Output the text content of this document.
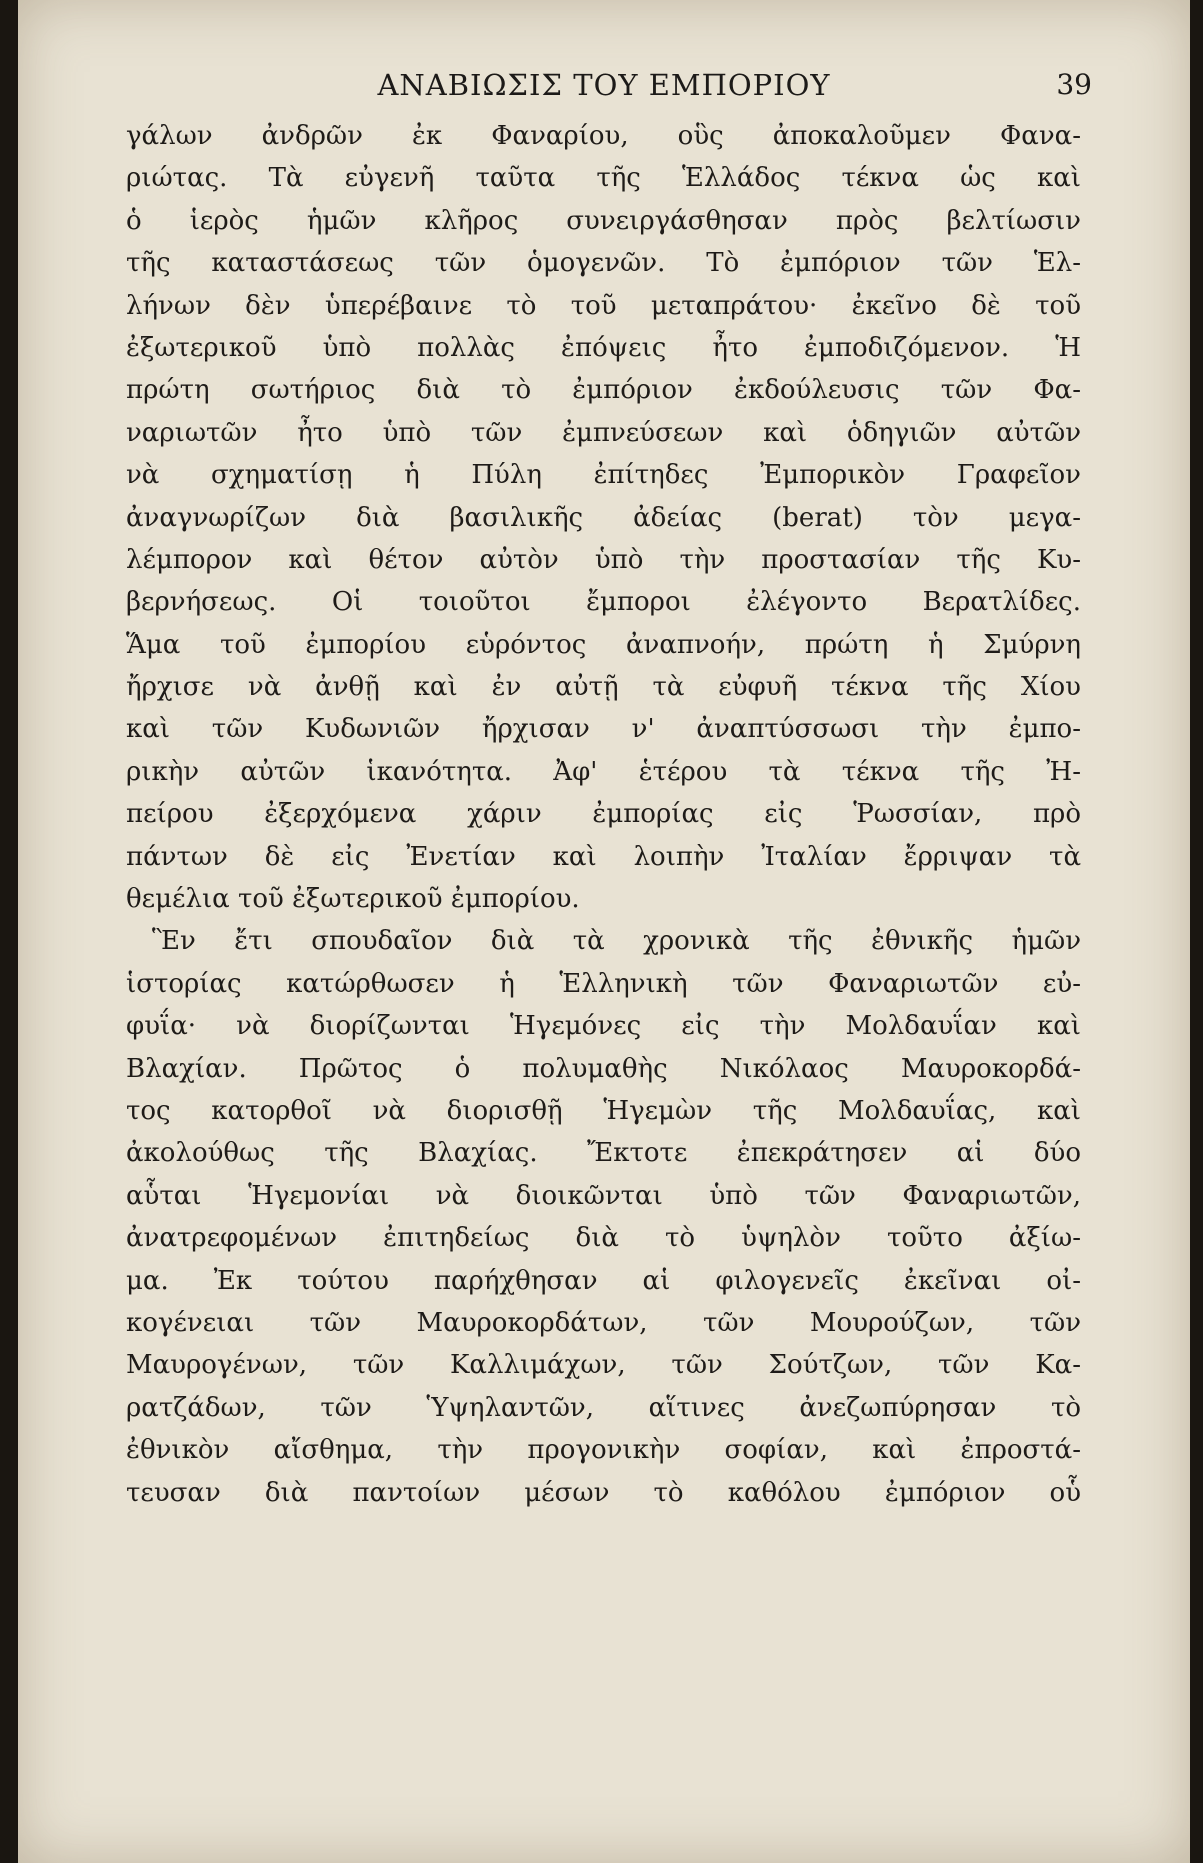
ΑΝΑΒΙΩΣΙΣ ΤΟΥ ΕΜΠΟΡΙΟΥ	39
γάλων ἀνδρῶν ἐκ Φαναρίου, οὓς ἀποκαλοῦμεν Φανα-
ριώτας. Τὰ εὐγενῆ ταῦτα τῆς Ἑλλάδος τέκνα ὡς καὶ
ὁ ἱερὸς ἡμῶν κλῆρος συνειργάσθησαν πρὸς βελτίωσιν
τῆς καταστάσεως τῶν ὁμογενῶν. Τὸ ἐμπόριον τῶν Ἑλ-
λήνων δὲν ὑπερέβαινε τὸ τοῦ μεταπράτου· ἐκεῖνο δὲ τοῦ
ἐξωτερικοῦ ὑπὸ πολλὰς ἐπόψεις ἦτο ἐμποδιζόμενον. Ἡ
πρώτη σωτήριος διὰ τὸ ἐμπόριον ἐκδούλευσις τῶν Φα-
ναριωτῶν ἦτο ὑπὸ τῶν ἐμπνεύσεων καὶ ὁδηγιῶν αὐτῶν
νὰ σχηματίσῃ ἡ Πύλη ἐπίτηδες Ἐμπορικὸν Γραφεῖον
ἀναγνωρίζων διὰ βασιλικῆς ἀδείας (berat) τὸν μεγα-
λέμπορον καὶ θέτον αὐτὸν ὑπὸ τὴν προστασίαν τῆς Κυ-
βερνήσεως. Οἱ τοιοῦτοι ἔμποροι ἐλέγοντο Βερατλίδες.
Ἅμα τοῦ ἐμπορίου εὑρόντος ἀναπνοήν, πρώτη ἡ Σμύρνη
ἤρχισε νὰ ἀνθῇ καὶ ἐν αὐτῇ τὰ εὐφυῆ τέκνα τῆς Χίου
καὶ τῶν Κυδωνιῶν ἤρχισαν ν' ἀναπτύσσωσι τὴν ἐμπο-
ρικὴν αὐτῶν ἱκανότητα. Ἀφ' ἑτέρου τὰ τέκνα τῆς Ἠ-
πείρου ἐξερχόμενα χάριν ἐμπορίας εἰς Ῥωσσίαν, πρὸ
πάντων δὲ εἰς Ἐνετίαν καὶ λοιπὴν Ἰταλίαν ἔρριψαν τὰ
θεμέλια τοῦ ἐξωτερικοῦ ἐμπορίου.
Ἓν ἔτι σπουδαῖον διὰ τὰ χρονικὰ τῆς ἐθνικῆς ἡμῶν
ἱστορίας κατώρθωσεν ἡ Ἑλληνικὴ τῶν Φαναριωτῶν εὐ-
φυΐα· νὰ διορίζωνται Ἡγεμόνες εἰς τὴν Μολδαυΐαν καὶ
Βλαχίαν. Πρῶτος ὁ πολυμαθὴς Νικόλαος Μαυροκορδά-
τος κατορθοῖ νὰ διορισθῇ Ἡγεμὼν τῆς Μολδαυΐας, καὶ
ἀκολούθως τῆς Βλαχίας. Ἔκτοτε ἐπεκράτησεν αἱ δύο
αὗται Ἡγεμονίαι νὰ διοικῶνται ὑπὸ τῶν Φαναριωτῶν,
ἀνατρεφομένων ἐπιτηδείως διὰ τὸ ὑψηλὸν τοῦτο ἀξίω-
μα. Ἐκ τούτου παρήχθησαν αἱ φιλογενεῖς ἐκεῖναι οἰ-
κογένειαι τῶν Μαυροκορδάτων, τῶν Μουρούζων, τῶν
Μαυρογένων, τῶν Καλλιμάχων, τῶν Σούτζων, τῶν Κα-
ρατζάδων, τῶν Ὑψηλαντῶν, αἵτινες ἀνεζωπύρησαν τὸ
ἐθνικὸν αἴσθημα, τὴν προγονικὴν σοφίαν, καὶ ἐπροστά-
τευσαν διὰ παντοίων μέσων τὸ καθόλου ἐμπόριον οὗ
